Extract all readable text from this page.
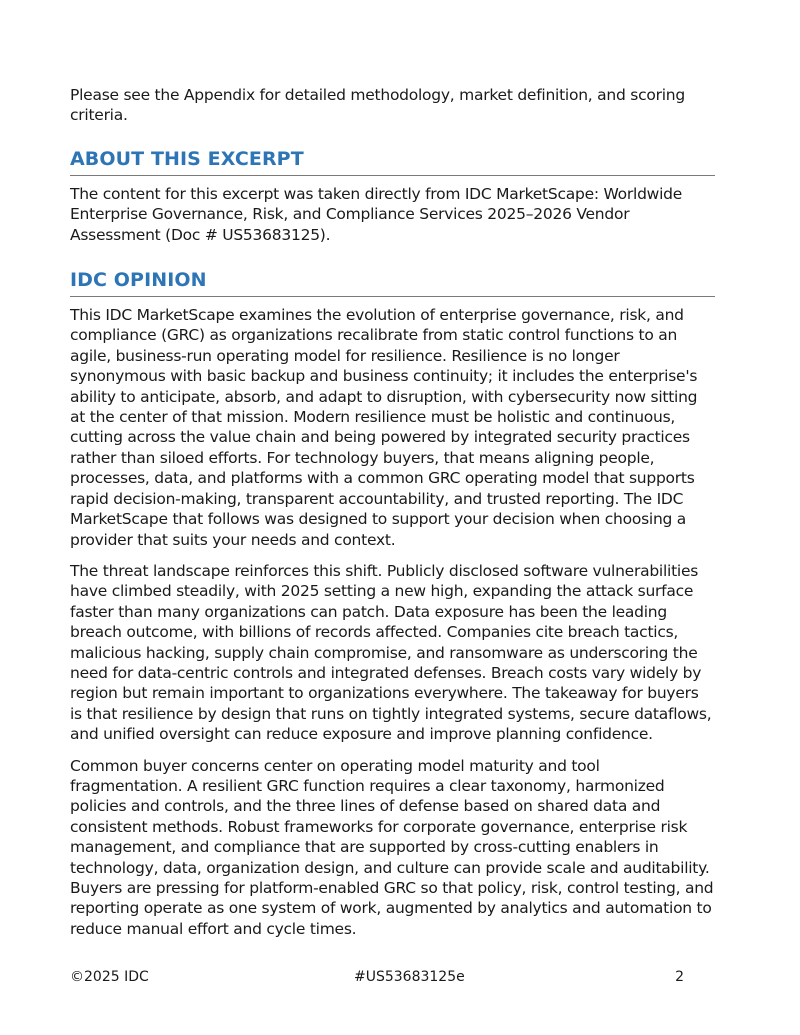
Please see the Appendix for detailed methodology, market definition, and scoring criteria.

ABOUT THIS EXCERPT

The content for this excerpt was taken directly from IDC MarketScape: Worldwide Enterprise Governance, Risk, and Compliance Services 2025–2026 Vendor Assessment (Doc # US53683125).

IDC OPINION

This IDC MarketScape examines the evolution of enterprise governance, risk, and compliance (GRC) as organizations recalibrate from static control functions to an agile, business-run operating model for resilience. Resilience is no longer synonymous with basic backup and business continuity; it includes the enterprise's ability to anticipate, absorb, and adapt to disruption, with cybersecurity now sitting at the center of that mission. Modern resilience must be holistic and continuous, cutting across the value chain and being powered by integrated security practices rather than siloed efforts. For technology buyers, that means aligning people, processes, data, and platforms with a common GRC operating model that supports rapid decision-making, transparent accountability, and trusted reporting. The IDC MarketScape that follows was designed to support your decision when choosing a provider that suits your needs and context.

The threat landscape reinforces this shift. Publicly disclosed software vulnerabilities have climbed steadily, with 2025 setting a new high, expanding the attack surface faster than many organizations can patch. Data exposure has been the leading breach outcome, with billions of records affected. Companies cite breach tactics, malicious hacking, supply chain compromise, and ransomware as underscoring the need for data-centric controls and integrated defenses. Breach costs vary widely by region but remain important to organizations everywhere. The takeaway for buyers is that resilience by design that runs on tightly integrated systems, secure dataflows, and unified oversight can reduce exposure and improve planning confidence.

Common buyer concerns center on operating model maturity and tool fragmentation. A resilient GRC function requires a clear taxonomy, harmonized policies and controls, and the three lines of defense based on shared data and consistent methods. Robust frameworks for corporate governance, enterprise risk management, and compliance that are supported by cross-cutting enablers in technology, data, organization design, and culture can provide scale and auditability. Buyers are pressing for platform-enabled GRC so that policy, risk, control testing, and reporting operate as one system of work, augmented by analytics and automation to reduce manual effort and cycle times.

©2025 IDC	#US53683125e	2
